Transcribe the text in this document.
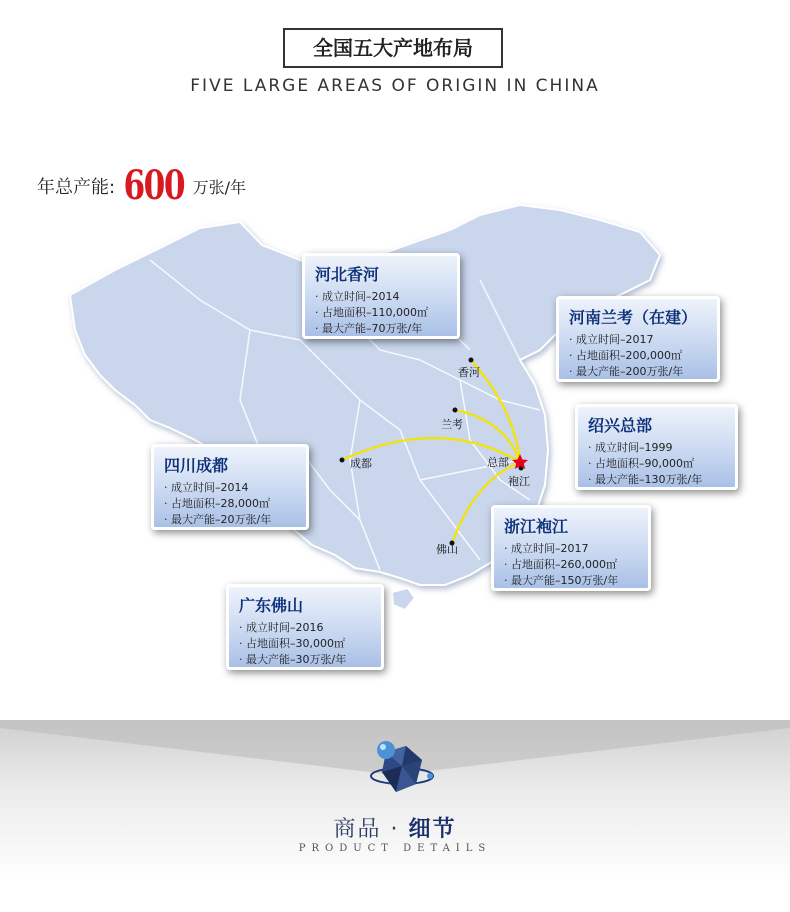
全国五大产地布局
FIVE LARGE AREAS OF ORIGIN IN CHINA
年总产能: 600 万张/年
香河
兰考
成都	总部
袍江
佛山
河北香河
· 成立时间–2014
· 占地面积–110,000㎡
· 最大产能–70万张/年
河南兰考（在建）
· 成立时间–2017
· 占地面积–200,000㎡
· 最大产能–200万张/年
绍兴总部
· 成立时间–1999
· 占地面积–90,000㎡
· 最大产能–130万张/年
四川成都
· 成立时间–2014
· 占地面积–28,000㎡
· 最大产能–20万张/年	浙江袍江
· 成立时间–2017
· 占地面积–260,000㎡
· 最大产能–150万张/年
广东佛山
· 成立时间–2016
· 占地面积–30,000㎡
· 最大产能–30万张/年
商品 · 细节
PRODUCT DETAILS
